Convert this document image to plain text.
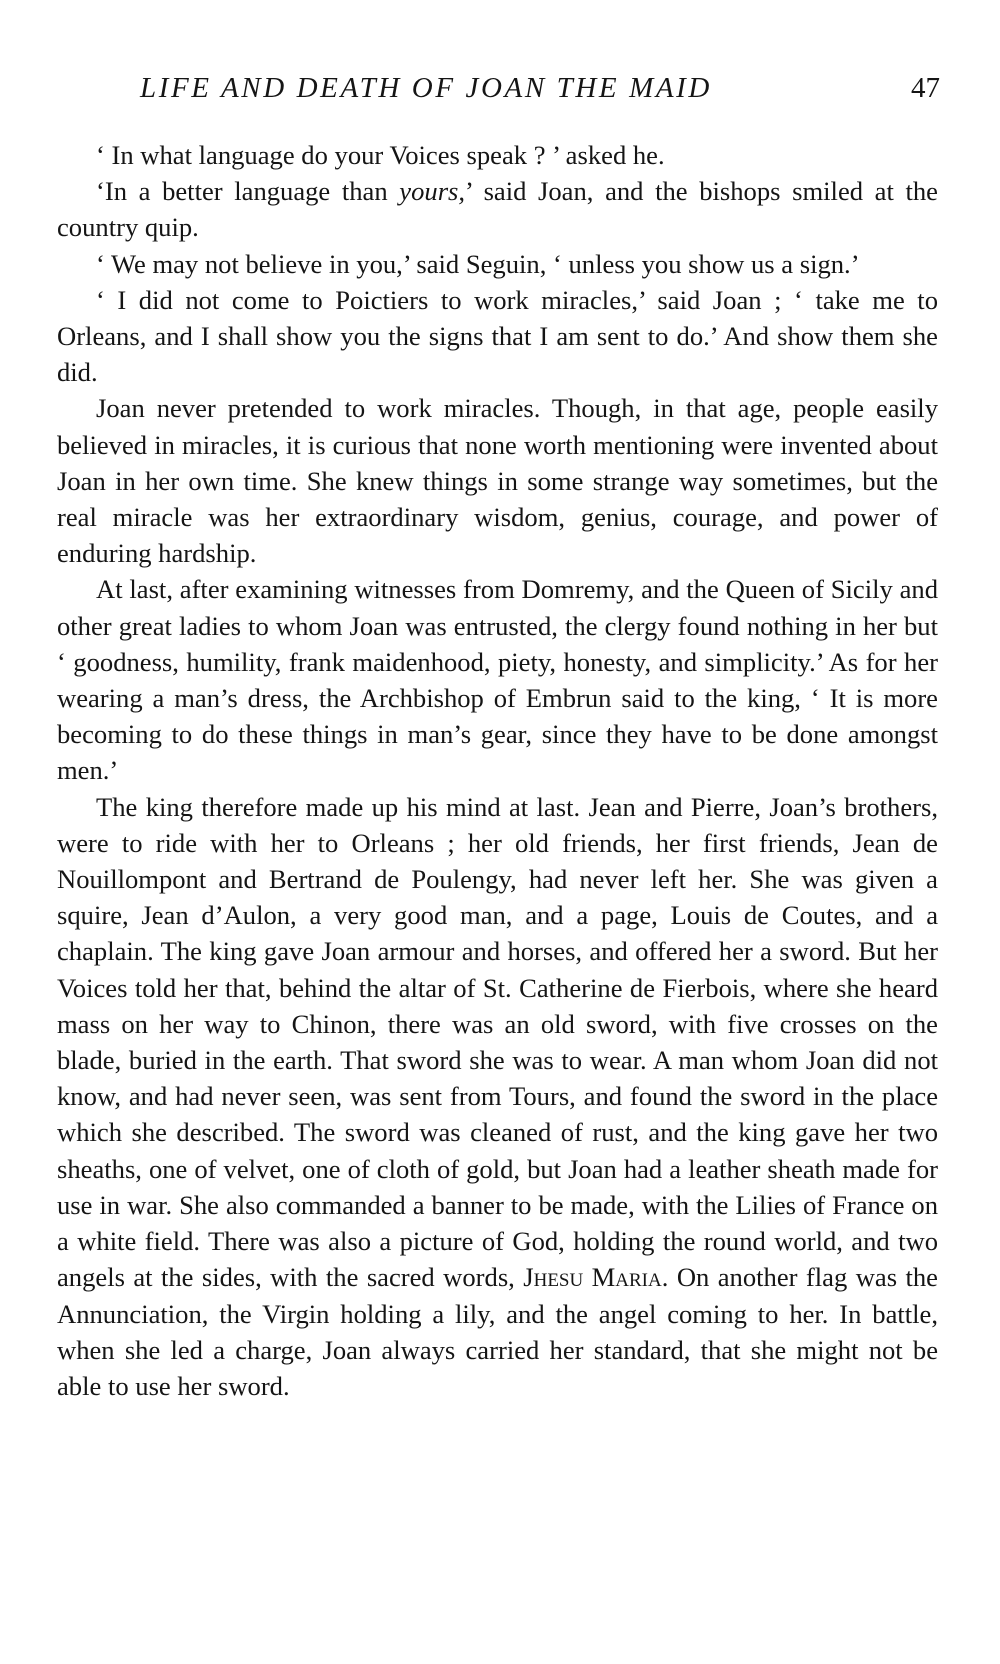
LIFE AND DEATH OF JOAN THE MAID	47

‘ In what language do your Voices speak ? ’ asked he.

‘In a better language than yours,’ said Joan, and the bishops smiled at the country quip.

‘ We may not believe in you,’ said Seguin, ‘ unless you show us a sign.’

‘ I did not come to Poictiers to work miracles,’ said Joan ; ‘ take me to Orleans, and I shall show you the signs that I am sent to do.’ And show them she did.

Joan never pretended to work miracles. Though, in that age, people easily believed in miracles, it is curious that none worth mentioning were invented about Joan in her own time. She knew things in some strange way sometimes, but the real miracle was her extraordinary wisdom, genius, courage, and power of enduring hardship.

At last, after examining witnesses from Domremy, and the Queen of Sicily and other great ladies to whom Joan was entrusted, the clergy found nothing in her but ‘ goodness, humility, frank maidenhood, piety, honesty, and simplicity.’ As for her wearing a man’s dress, the Archbishop of Embrun said to the king, ‘ It is more becoming to do these things in man’s gear, since they have to be done amongst men.’

The king therefore made up his mind at last. Jean and Pierre, Joan’s brothers, were to ride with her to Orleans ; her old friends, her first friends, Jean de Nouillompont and Bertrand de Poulengy, had never left her. She was given a squire, Jean d’Aulon, a very good man, and a page, Louis de Coutes, and a chaplain. The king gave Joan armour and horses, and offered her a sword. But her Voices told her that, behind the altar of St. Catherine de Fierbois, where she heard mass on her way to Chinon, there was an old sword, with five crosses on the blade, buried in the earth. That sword she was to wear. A man whom Joan did not know, and had never seen, was sent from Tours, and found the sword in the place which she described. The sword was cleaned of rust, and the king gave her two sheaths, one of velvet, one of cloth of gold, but Joan had a leather sheath made for use in war. She also commanded a banner to be made, with the Lilies of France on a white field. There was also a picture of God, holding the round world, and two angels at the sides, with the sacred words, Jhesu Maria. On another flag was the Annunciation, the Virgin holding a lily, and the angel coming to her. In battle, when she led a charge, Joan always carried her standard, that she might not be able to use her sword.
